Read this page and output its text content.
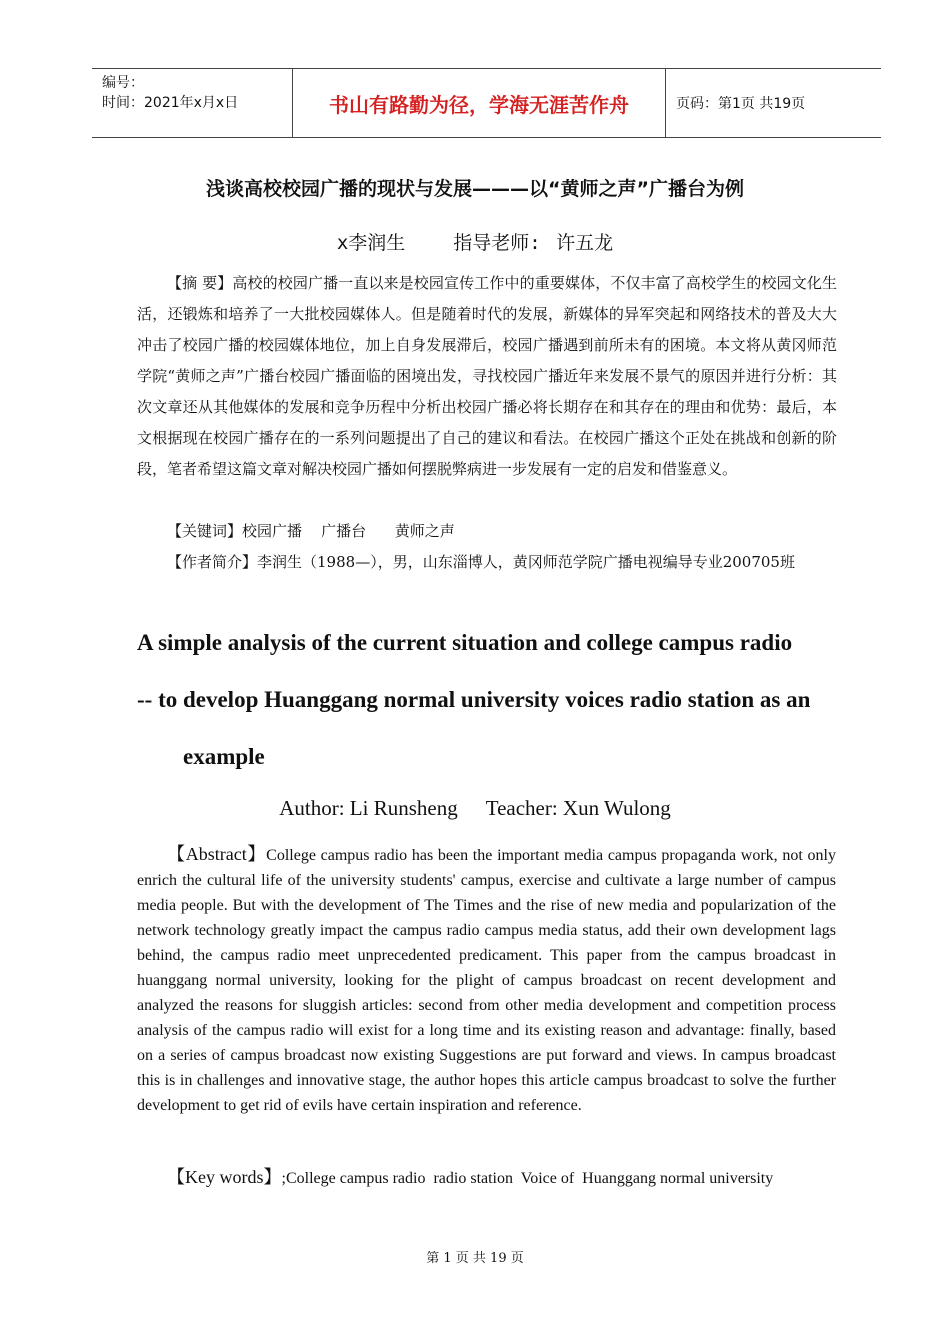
编号：
时间：2021年x月x日	书山有路勤为径，学海无涯苦作舟	页码：第1页 共19页
浅谈高校校园广播的现状与发展———以“黄师之声”广播台为例
x李润生	指导老师: 许五龙

【摘 要】高校的校园广播一直以来是校园宣传工作中的重要媒体，不仅丰富了高校学生的校园文化生活，还锻炼和培养了一大批校园媒体人。但是随着时代的发展，新媒体的异军突起和网络技术的普及大大冲击了校园广播的校园媒体地位，加上自身发展滞后，校园广播遇到前所未有的困境。本文将从黄冈师范学院“黄师之声”广播台校园广播面临的困境出发，寻找校园广播近年来发展不景气的原因并进行分析：其次文章还从其他媒体的发展和竞争历程中分析出校园广播必将长期存在和其存在的理由和优势：最后，本文根据现在校园广播存在的一系列问题提出了自己的建议和看法。在校园广播这个正处在挑战和创新的阶段，笔者希望这篇文章对解决校园广播如何摆脱弊病进一步发展有一定的启发和借鉴意义。

【关键词】校园广播    广播台      黄师之声

【作者简介】李润生（1988—），男，山东淄博人，黄冈师范学院广播电视编导专业200705班

A simple analysis of the current situation and college campus radio
-- to develop Huanggang normal university voices radio station as an
example
Author: Li Runsheng Teacher: Xun Wulong

【Abstract】College campus radio has been the important media campus propaganda work, not only enrich the cultural life of the university students' campus, exercise and cultivate a large number of campus media people. But with the development of The Times and the rise of new media and popularization of the network technology greatly impact the campus radio campus media status, add their own development lags behind, the campus radio meet unprecedented predicament. This paper from the campus broadcast in huanggang normal university, looking for the plight of campus broadcast on recent development and analyzed the reasons for sluggish articles: second from other media development and competition process analysis of the campus radio will exist for a long time and its existing reason and advantage: finally, based on a series of campus broadcast now existing Suggestions are put forward and views. In campus broadcast this is in challenges and innovative stage, the author hopes this article campus broadcast to solve the further development to get rid of evils have certain inspiration and reference.

【Key words】;College campus radio  radio station  Voice of  Huanggang normal university

第 1 页 共 19 页
